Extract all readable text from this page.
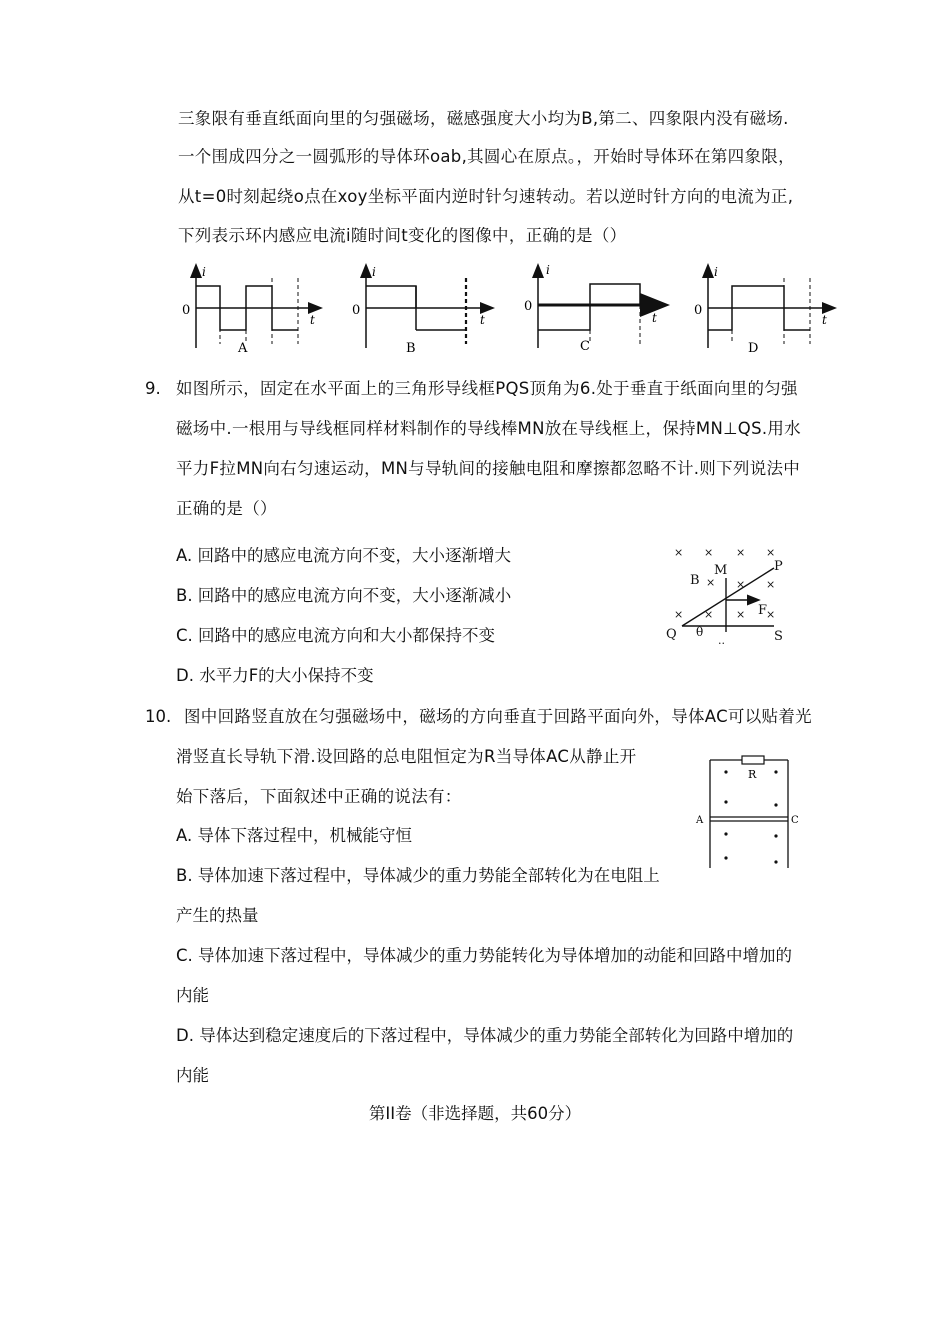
三象限有垂直纸面向里的匀强磁场，磁感强度大小均为B,第二、四象限内没有磁场.
一个围成四分之一圆弧形的导体环oab,其圆心在原点。，开始时导体环在第四象限，
从t=0时刻起绕o点在xoy坐标平面内逆时针匀速转动。若以逆时针方向的电流为正,
下列表示环内感应电流i随时间t变化的图像中，正确的是（）
i
0
t
A
i
0
t
B
i
0
t
C
i
0
t
D
9. 如图所示，固定在水平面上的三角形导线框PQS顶角为6.处于垂直于纸面向里的匀强
磁场中.一根用与导线框同样材料制作的导线棒MN放在导线框上，保持MN⊥QS.用水
平力F拉MN向右匀速运动，MN与导轨间的接触电阻和摩擦都忽略不计.则下列说法中
正确的是（）
A. 回路中的感应电流方向不变，大小逐渐增大
B. 回路中的感应电流方向不变，大小逐渐减小
C. 回路中的感应电流方向和大小都保持不变
D. 水平力F的大小保持不变
× × × ×
× × ×
× × × ×
P
Q	S
M
B
F
θ
..
10. 图中回路竖直放在匀强磁场中，磁场的方向垂直于回路平面向外，导体AC可以贴着光
滑竖直长导轨下滑.设回路的总电阻恒定为R当导体AC从静止开
始下落后，下面叙述中正确的说法有：
A. 导体下落过程中，机械能守恒
B. 导体加速下落过程中，导体减少的重力势能全部转化为在电阻上
产生的热量
C. 导体加速下落过程中，导体减少的重力势能转化为导体增加的动能和回路中增加的
内能
D. 导体达到稳定速度后的下落过程中，导体减少的重力势能全部转化为回路中增加的
内能
R
A	C
第II卷（非选择题，共60分）
